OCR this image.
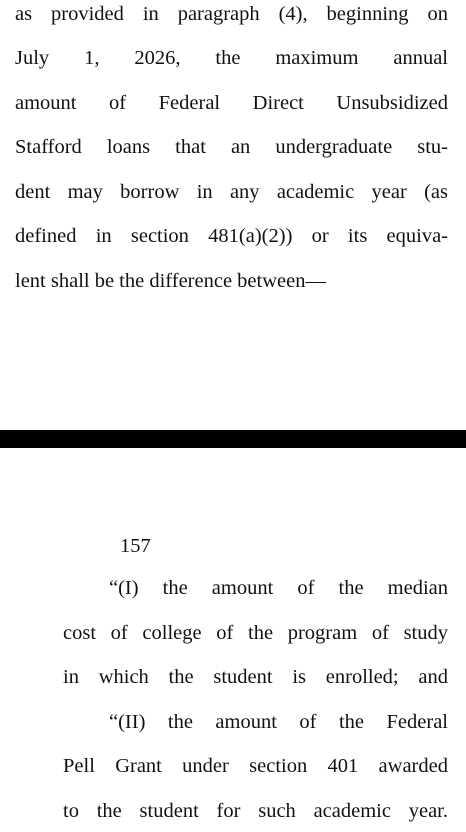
as provided in paragraph (4), beginning on
July 1, 2026, the maximum annual
amount of Federal Direct Unsubsidized
Stafford loans that an undergraduate stu-
dent may borrow in any academic year (as
defined in section 481(a)(2)) or its equiva-
lent shall be the difference between—
157
“(I) the amount of the median
cost of college of the program of study
in which the student is enrolled; and
“(II) the amount of the Federal
Pell Grant under section 401 awarded
to the student for such academic year.
